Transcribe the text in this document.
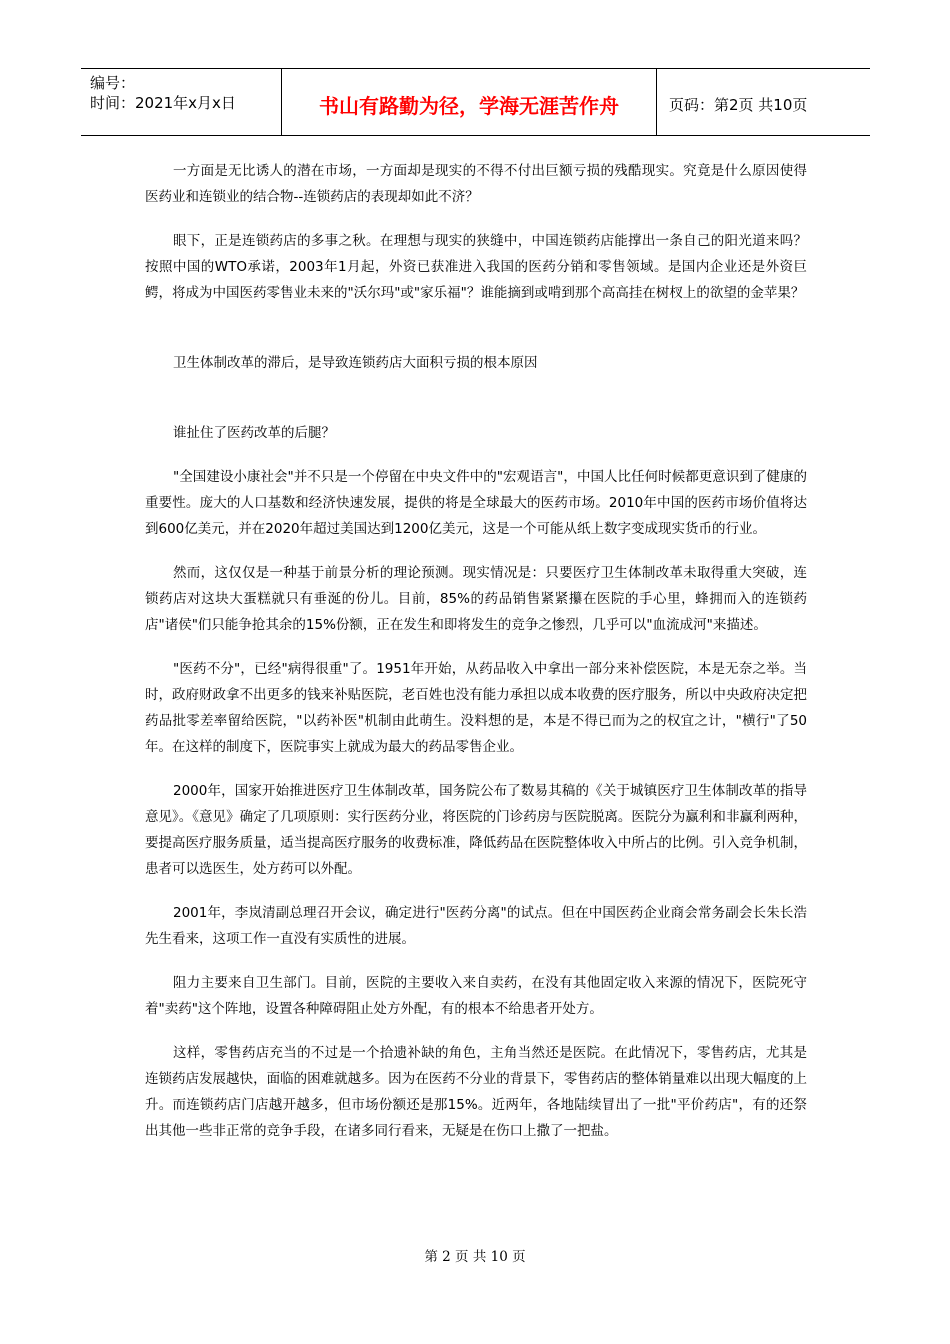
编号：
时间：2021年x月x日	书山有路勤为径，学海无涯苦作舟	页码：第2页 共10页

一方面是无比诱人的潜在市场，一方面却是现实的不得不付出巨额亏损的残酷现实。究竟是什么原因使得医药业和连锁业的结合物--连锁药店的表现却如此不济？

眼下，正是连锁药店的多事之秋。在理想与现实的狭缝中，中国连锁药店能撑出一条自己的阳光道来吗？按照中国的WTO承诺，2003年1月起，外资已获准进入我国的医药分销和零售领域。是国内企业还是外资巨鳄，将成为中国医药零售业未来的"沃尔玛"或"家乐福"？谁能摘到或啃到那个高高挂在树杈上的欲望的金苹果？

卫生体制改革的滞后，是导致连锁药店大面积亏损的根本原因

谁扯住了医药改革的后腿？

"全国建设小康社会"并不只是一个停留在中央文件中的"宏观语言"，中国人比任何时候都更意识到了健康的重要性。庞大的人口基数和经济快速发展，提供的将是全球最大的医药市场。2010年中国的医药市场价值将达到600亿美元，并在2020年超过美国达到1200亿美元，这是一个可能从纸上数字变成现实货币的行业。

然而，这仅仅是一种基于前景分析的理论预测。现实情况是：只要医疗卫生体制改革未取得重大突破，连锁药店对这块大蛋糕就只有垂涎的份儿。目前，85%的药品销售紧紧攥在医院的手心里，蜂拥而入的连锁药店"诸侯"们只能争抢其余的15%份额，正在发生和即将发生的竞争之惨烈，几乎可以"血流成河"来描述。

"医药不分"，已经"病得很重"了。1951年开始，从药品收入中拿出一部分来补偿医院，本是无奈之举。当时，政府财政拿不出更多的钱来补贴医院，老百姓也没有能力承担以成本收费的医疗服务，所以中央政府决定把药品批零差率留给医院，"以药补医"机制由此萌生。没料想的是，本是不得已而为之的权宜之计，"横行"了50年。在这样的制度下，医院事实上就成为最大的药品零售企业。

2000年，国家开始推进医疗卫生体制改革，国务院公布了数易其稿的《关于城镇医疗卫生体制改革的指导意见》。《意见》确定了几项原则：实行医药分业，将医院的门诊药房与医院脱离。医院分为赢利和非赢利两种，要提高医疗服务质量，适当提高医疗服务的收费标准，降低药品在医院整体收入中所占的比例。引入竞争机制，患者可以选医生，处方药可以外配。

2001年，李岚清副总理召开会议，确定进行"医药分离"的试点。但在中国医药企业商会常务副会长朱长浩先生看来，这项工作一直没有实质性的进展。

阻力主要来自卫生部门。目前，医院的主要收入来自卖药，在没有其他固定收入来源的情况下，医院死守着"卖药"这个阵地，设置各种障碍阻止处方外配，有的根本不给患者开处方。

这样，零售药店充当的不过是一个拾遗补缺的角色，主角当然还是医院。在此情况下，零售药店，尤其是连锁药店发展越快，面临的困难就越多。因为在医药不分业的背景下，零售药店的整体销量难以出现大幅度的上升。而连锁药店门店越开越多，但市场份额还是那15%。近两年，各地陆续冒出了一批"平价药店"，有的还祭出其他一些非正常的竞争手段，在诸多同行看来，无疑是在伤口上撒了一把盐。

第 2 页 共 10 页
